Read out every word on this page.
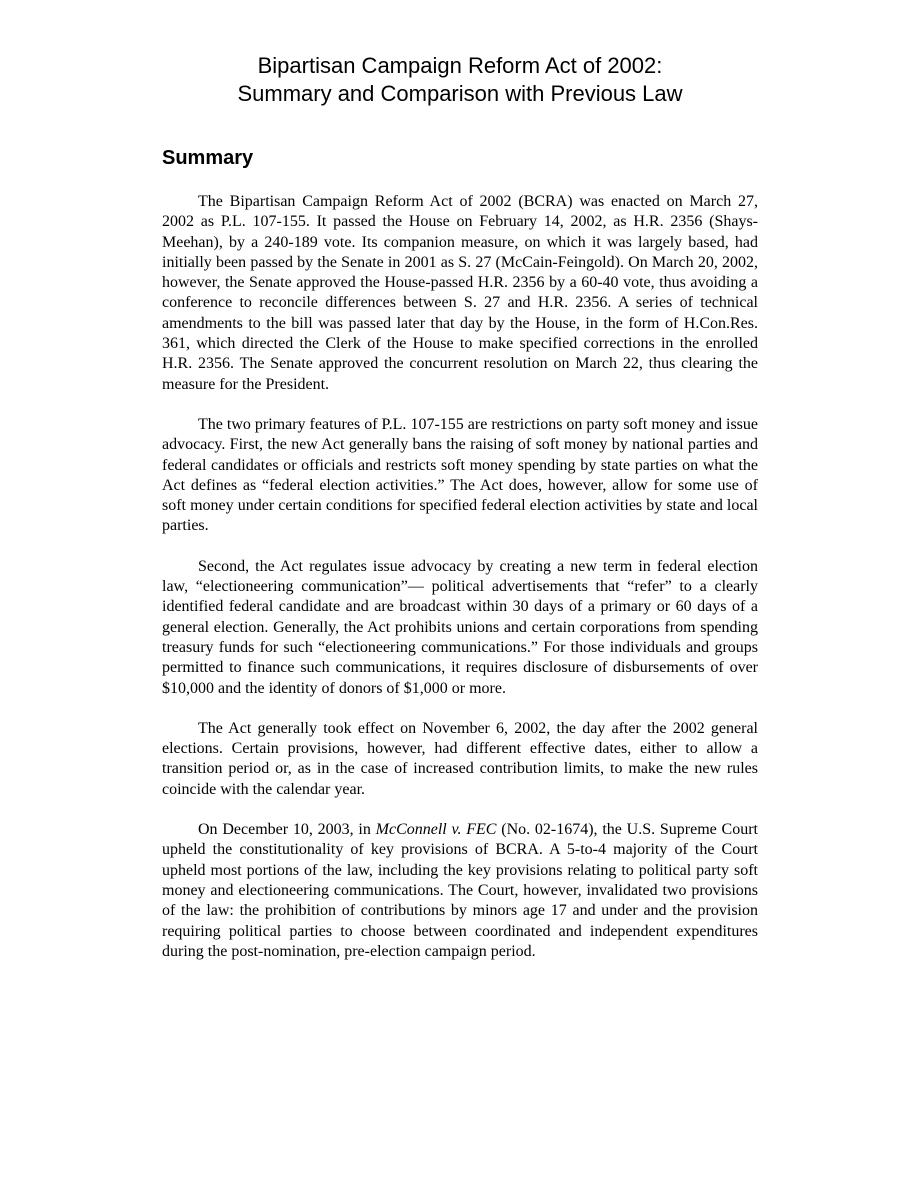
Bipartisan Campaign Reform Act of 2002:
Summary and Comparison with Previous Law
Summary

The Bipartisan Campaign Reform Act of 2002 (BCRA) was enacted on March 27, 2002 as P.L. 107-155. It passed the House on February 14, 2002, as H.R. 2356 (Shays-Meehan), by a 240-189 vote. Its companion measure, on which it was largely based, had initially been passed by the Senate in 2001 as S. 27 (McCain-Feingold). On March 20, 2002, however, the Senate approved the House-passed H.R. 2356 by a 60-40 vote, thus avoiding a conference to reconcile differences between S. 27 and H.R. 2356. A series of technical amendments to the bill was passed later that day by the House, in the form of H.Con.Res. 361, which directed the Clerk of the House to make specified corrections in the enrolled H.R. 2356. The Senate approved the concurrent resolution on March 22, thus clearing the measure for the President.

The two primary features of P.L. 107-155 are restrictions on party soft money and issue advocacy. First, the new Act generally bans the raising of soft money by national parties and federal candidates or officials and restricts soft money spending by state parties on what the Act defines as “federal election activities.” The Act does, however, allow for some use of soft money under certain conditions for specified federal election activities by state and local parties.

Second, the Act regulates issue advocacy by creating a new term in federal election law, “electioneering communication”— political advertisements that “refer” to a clearly identified federal candidate and are broadcast within 30 days of a primary or 60 days of a general election. Generally, the Act prohibits unions and certain corporations from spending treasury funds for such “electioneering communications.” For those individuals and groups permitted to finance such communications, it requires disclosure of disbursements of over $10,000 and the identity of donors of $1,000 or more.

The Act generally took effect on November 6, 2002, the day after the 2002 general elections. Certain provisions, however, had different effective dates, either to allow a transition period or, as in the case of increased contribution limits, to make the new rules coincide with the calendar year.

On December 10, 2003, in McConnell v. FEC (No. 02-1674), the U.S. Supreme Court upheld the constitutionality of key provisions of BCRA. A 5-to-4 majority of the Court upheld most portions of the law, including the key provisions relating to political party soft money and electioneering communications. The Court, however, invalidated two provisions of the law: the prohibition of contributions by minors age 17 and under and the provision requiring political parties to choose between coordinated and independent expenditures during the post-nomination, pre-election campaign period.
